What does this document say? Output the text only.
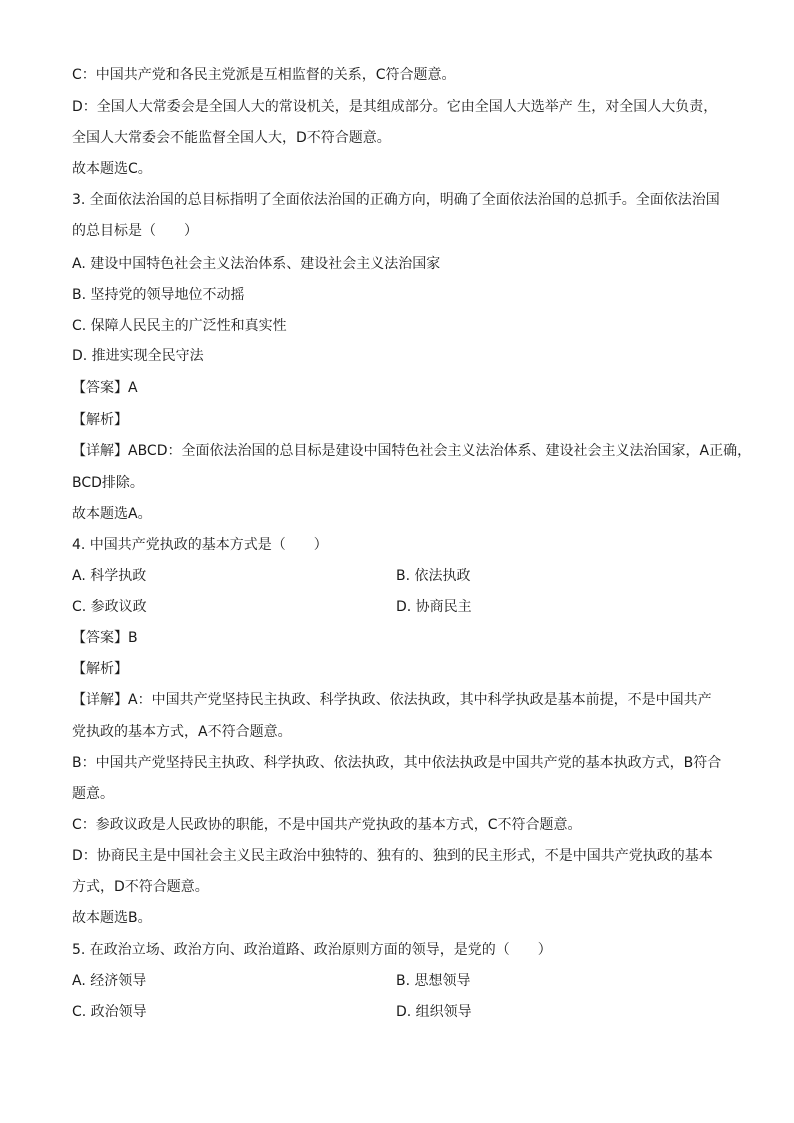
C：中国共产党和各民主党派是互相监督的关系，C符合题意。
D：全国人大常委会是全国人大的常设机关，是其组成部分。它由全国人大选举产 生，对全国人大负责，
全国人大常委会不能监督全国人大，D不符合题意。
故本题选C。
3. 全面依法治国的总目标指明了全面依法治国的正确方向，明确了全面依法治国的总抓手。全面依法治国
的总目标是（　　）
A. 建设中国特色社会主义法治体系、建设社会主义法治国家
B. 坚持党的领导地位不动摇
C. 保障人民民主的广泛性和真实性
D. 推进实现全民守法
【答案】A
【解析】
【详解】ABCD：全面依法治国的总目标是建设中国特色社会主义法治体系、建设社会主义法治国家，A正确，
BCD排除。
故本题选A。
4. 中国共产党执政的基本方式是（　　）
A. 科学执政	B. 依法执政
C. 参政议政	D. 协商民主
【答案】B
【解析】
【详解】A：中国共产党坚持民主执政、科学执政、依法执政，其中科学执政是基本前提，不是中国共产
党执政的基本方式，A不符合题意。
B：中国共产党坚持民主执政、科学执政、依法执政，其中依法执政是中国共产党的基本执政方式，B符合
题意。
C：参政议政是人民政协的职能，不是中国共产党执政的基本方式，C不符合题意。
D：协商民主是中国社会主义民主政治中独特的、独有的、独到的民主形式，不是中国共产党执政的基本
方式，D不符合题意。
故本题选B。
5. 在政治立场、政治方向、政治道路、政治原则方面的领导，是党的（　　）
A. 经济领导	B. 思想领导
C. 政治领导	D. 组织领导
